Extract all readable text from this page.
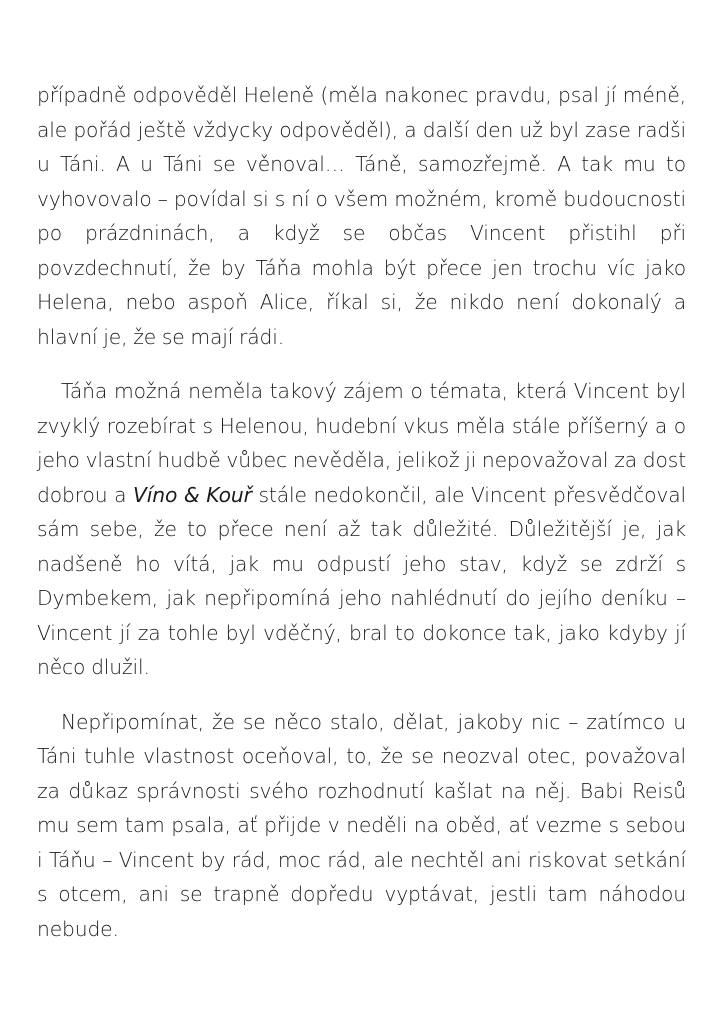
případně odpověděl Heleně (měla nakonec pravdu, psal jí méně, ale pořád ještě vždycky odpověděl), a další den už byl zase radši u Táni. A u Táni se věnoval… Táně, samozřejmě. A tak mu to vyhovovalo – povídal si s ní o všem možném, kromě budoucnosti po prázdninách, a když se občas Vincent přistihl při povzdechnutí, že by Táňa mohla být přece jen trochu víc jako Helena, nebo aspoň Alice, říkal si, že nikdo není dokonalý a hlavní je, že se mají rádi.

Táňa možná neměla takový zájem o témata, která Vincent byl zvyklý rozebírat s Helenou, hudební vkus měla stále příšerný a o jeho vlastní hudbě vůbec nevěděla, jelikož ji nepovažoval za dost dobrou a Víno & Kouř stále nedokončil, ale Vincent přesvědčoval sám sebe, že to přece není až tak důležité. Důležitější je, jak nadšeně ho vítá, jak mu odpustí jeho stav, když se zdrží s Dymbekem, jak nepřipomíná jeho nahlédnutí do jejího deníku – Vincent jí za tohle byl vděčný, bral to dokonce tak, jako kdyby jí něco dlužil.

Nepřipomínat, že se něco stalo, dělat, jakoby nic – zatímco u Táni tuhle vlastnost oceňoval, to, že se neozval otec, považoval za důkaz správnosti svého rozhodnutí kašlat na něj. Babi Reisů mu sem tam psala, ať přijde v neděli na oběd, ať vezme s sebou i Táňu – Vincent by rád, moc rád, ale nechtěl ani riskovat setkání s otcem, ani se trapně dopředu vyptávat, jestli tam náhodou nebude.
